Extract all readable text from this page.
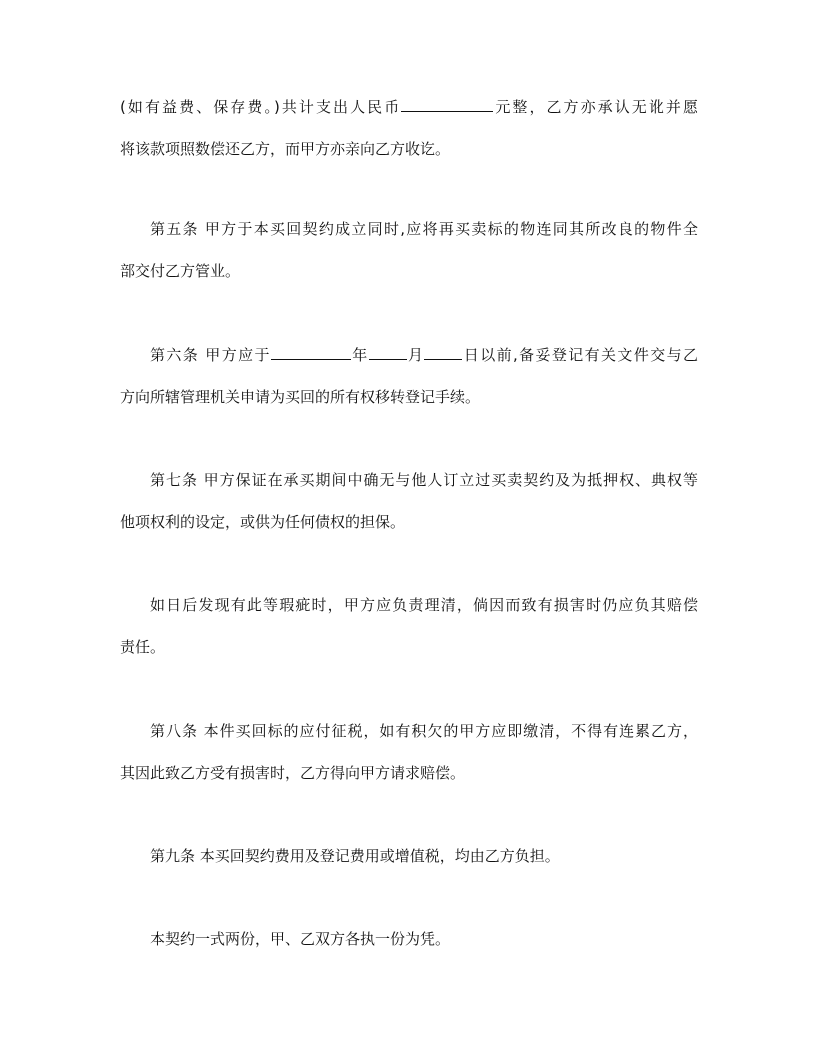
(如有益费、保存费。)共计支出人民币	元整，乙方亦承认无讹并愿
将该款项照数偿还乙方，而甲方亦亲向乙方收讫。
第五条 甲方于本买回契约成立同时,应将再买卖标的物连同其所改良的物件全
部交付乙方管业。
第六条 甲方应于	年	月	日以前,备妥登记有关文件交与乙
方向所辖管理机关申请为买回的所有权移转登记手续。
第七条 甲方保证在承买期间中确无与他人订立过买卖契约及为抵押权、典权等
他项权利的设定，或供为任何债权的担保。
如日后发现有此等瑕疵时，甲方应负责理清，倘因而致有损害时仍应负其赔偿
责任。
第八条 本件买回标的应付征税，如有积欠的甲方应即缴清，不得有连累乙方，
其因此致乙方受有损害时，乙方得向甲方请求赔偿。
第九条 本买回契约费用及登记费用或增值税，均由乙方负担。
本契约一式两份，甲、乙双方各执一份为凭。
